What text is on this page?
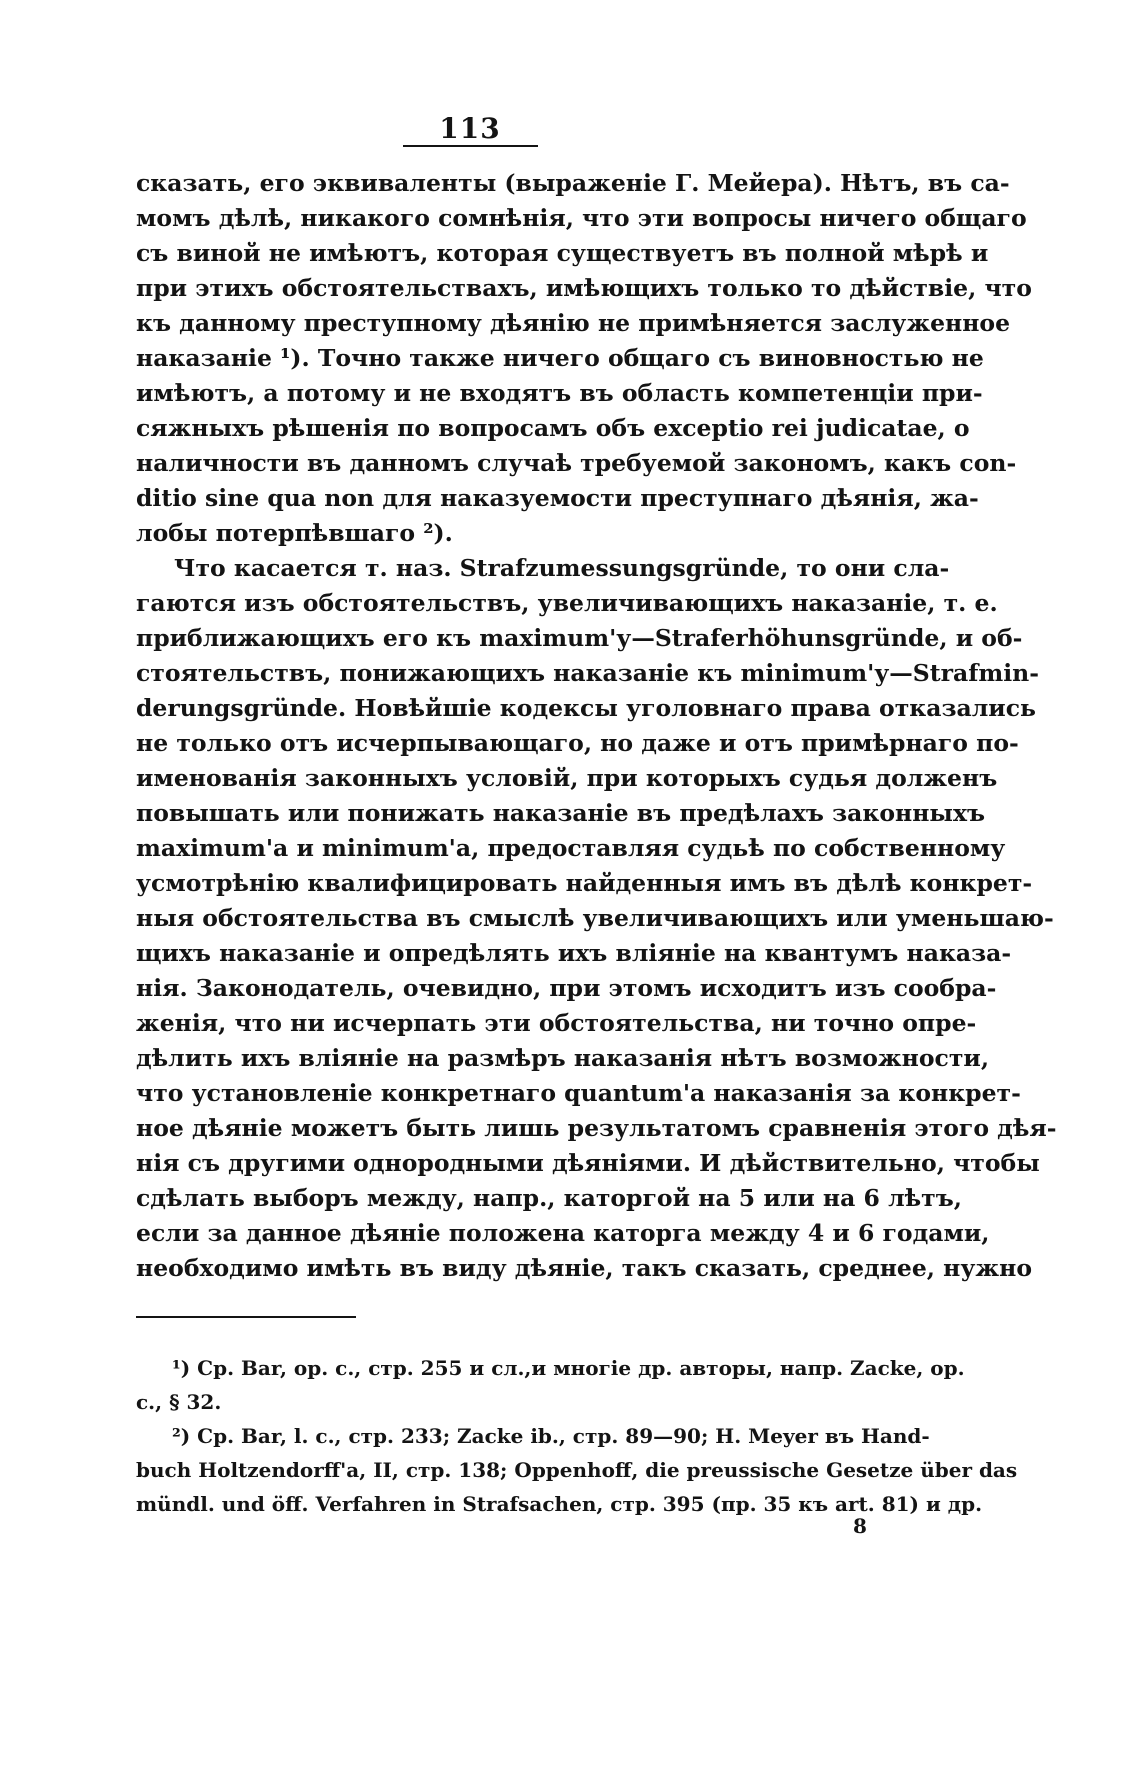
113
сказать, его эквиваленты (выраженіе Г. Мейера). Нѣтъ, въ са-
момъ дѣлѣ, никакого сомнѣнія, что эти вопросы ничего общаго
съ виной не имѣютъ, которая существуетъ въ полной мѣрѣ и
при этихъ обстоятельствахъ, имѣющихъ только то дѣйствіе, что
къ данному преступному дѣянію не примѣняется заслуженное
наказаніе ¹). Точно также ничего общаго съ виновностью не
имѣютъ, а потому и не входятъ въ область компетенціи при-
сяжныхъ рѣшенія по вопросамъ объ exceptio rei judicatae, о
наличности въ данномъ случаѣ требуемой закономъ, какъ con-
ditio sine qua non для наказуемости преступнаго дѣянія, жа-
лобы потерпѣвшаго ²).
Что касается т. наз. Strafzumessungsgründe, то они сла-
гаются изъ обстоятельствъ, увеличивающихъ наказаніе, т. е.
приближающихъ его къ maximum'у—Straferhöhunsgründe, и об-
стоятельствъ, понижающихъ наказаніе къ minimum'у—Strafmin-
derungsgründe. Новѣйшіе кодексы уголовнаго права отказались
не только отъ исчерпывающаго, но даже и отъ примѣрнаго по-
именованія законныхъ условій, при которыхъ судья долженъ
повышать или понижать наказаніе въ предѣлахъ законныхъ
maximum'a и minimum'а, предоставляя судьѣ по собственному
усмотрѣнію квалифицировать найденныя имъ въ дѣлѣ конкрет-
ныя обстоятельства въ смыслѣ увеличивающихъ или уменьшаю-
щихъ наказаніе и опредѣлять ихъ вліяніе на квантумъ наказа-
нія. Законодатель, очевидно, при этомъ исходитъ изъ сообра-
женія, что ни исчерпать эти обстоятельства, ни точно опре-
дѣлить ихъ вліяніе на размѣръ наказанія нѣтъ возможности,
что установленіе конкретнаго quantum'а наказанія за конкрет-
ное дѣяніе можетъ быть лишь результатомъ сравненія этого дѣя-
нія съ другими однородными дѣяніями. И дѣйствительно, чтобы
сдѣлать выборъ между, напр., каторгой на 5 или на 6 лѣтъ,
если за данное дѣяніе положена каторга между 4 и 6 годами,
необходимо имѣть въ виду дѣяніе, такъ сказать, среднее, нужно
¹) Ср. Bar, op. c., стр. 255 и сл.,и многіе др. авторы, напр. Zacke, op.
c., § 32.
²) Ср. Bar, l. c., стр. 233; Zacke ib., стр. 89—90; H. Meyer въ Hand-
buch Holtzendorff'a, II, стр. 138; Oppenhoff, die preussische Gesetze über das
mündl. und öff. Verfahren in Strafsachen, стр. 395 (пр. 35 къ art. 81) и др.
8
